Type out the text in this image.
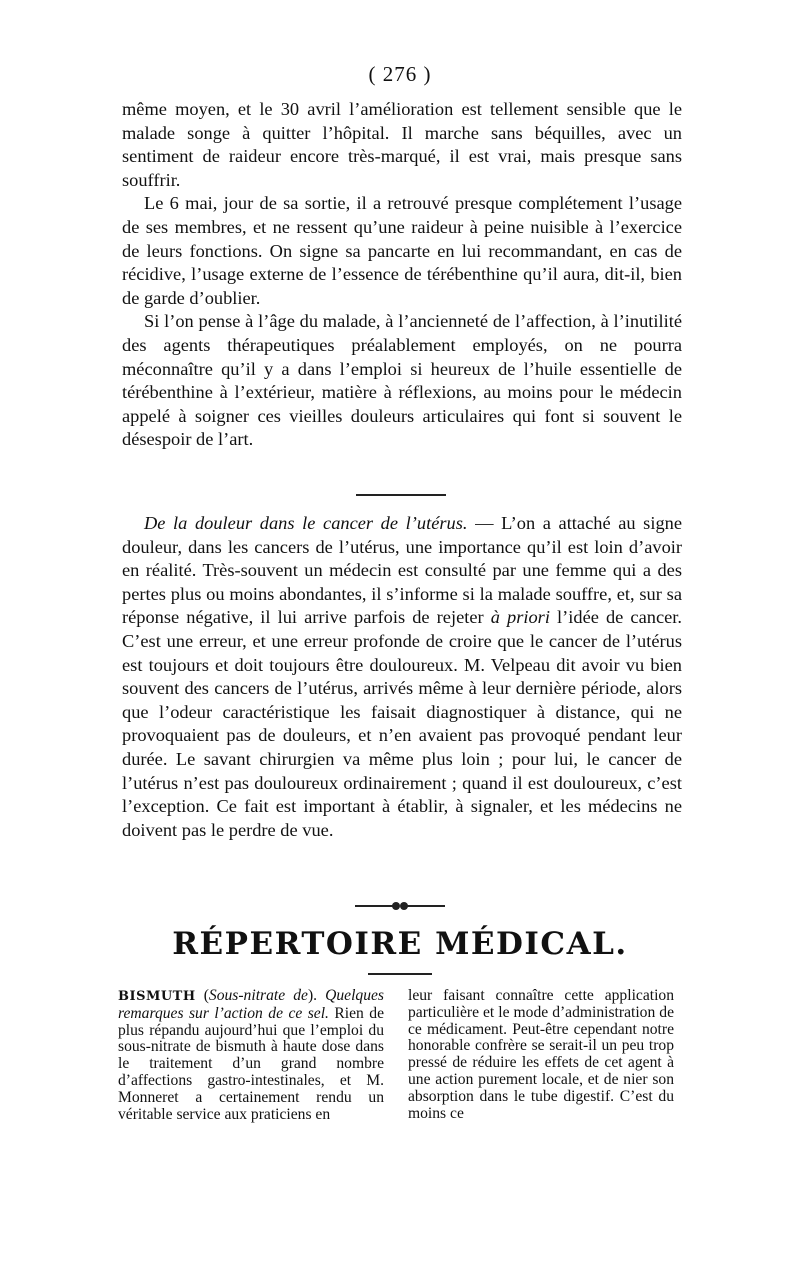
( 276 )

même moyen, et le 30 avril l’amélioration est tellement sensible que le malade songe à quitter l’hôpital. Il marche sans béquilles, avec un sentiment de raideur encore très-marqué, il est vrai, mais presque sans souffrir.

Le 6 mai, jour de sa sortie, il a retrouvé presque complétement l’usage de ses membres, et ne ressent qu’une raideur à peine nuisible à l’exercice de leurs fonctions. On signe sa pancarte en lui recommandant, en cas de récidive, l’usage externe de l’essence de térébenthine qu’il aura, dit-il, bien de garde d’oublier.

Si l’on pense à l’âge du malade, à l’ancienneté de l’affection, à l’inutilité des agents thérapeutiques préalablement employés, on ne pourra méconnaître qu’il y a dans l’emploi si heureux de l’huile essentielle de térébenthine à l’extérieur, matière à réflexions, au moins pour le médecin appelé à soigner ces vieilles douleurs articulaires qui font si souvent le désespoir de l’art.

De la douleur dans le cancer de l’utérus. — L’on a attaché au signe douleur, dans les cancers de l’utérus, une importance qu’il est loin d’avoir en réalité. Très-souvent un médecin est consulté par une femme qui a des pertes plus ou moins abondantes, il s’informe si la malade souffre, et, sur sa réponse négative, il lui arrive parfois de rejeter à priori l’idée de cancer. C’est une erreur, et une erreur profonde de croire que le cancer de l’utérus est toujours et doit toujours être douloureux. M. Velpeau dit avoir vu bien souvent des cancers de l’utérus, arrivés même à leur dernière période, alors que l’odeur caractéristique les faisait diagnostiquer à distance, qui ne provoquaient pas de douleurs, et n’en avaient pas provoqué pendant leur durée. Le savant chirurgien va même plus loin ; pour lui, le cancer de l’utérus n’est pas douloureux ordinairement ; quand il est douloureux, c’est l’exception. Ce fait est important à établir, à signaler, et les médecins ne doivent pas le perdre de vue.

RÉPERTOIRE MÉDICAL.

BISMUTH (Sous-nitrate de). Quelques remarques sur l’action de ce sel. Rien de plus répandu aujourd’hui que l’emploi du sous-nitrate de bismuth à haute dose dans le traitement d’un grand nombre d’affections gastro-intestinales, et M. Monneret a certainement rendu un véritable service aux praticiens en

leur faisant connaître cette application particulière et le mode d’administration de ce médicament. Peut-être cependant notre honorable confrère se serait-il un peu trop pressé de réduire les effets de cet agent à une action purement locale, et de nier son absorption dans le tube digestif. C’est du moins ce
